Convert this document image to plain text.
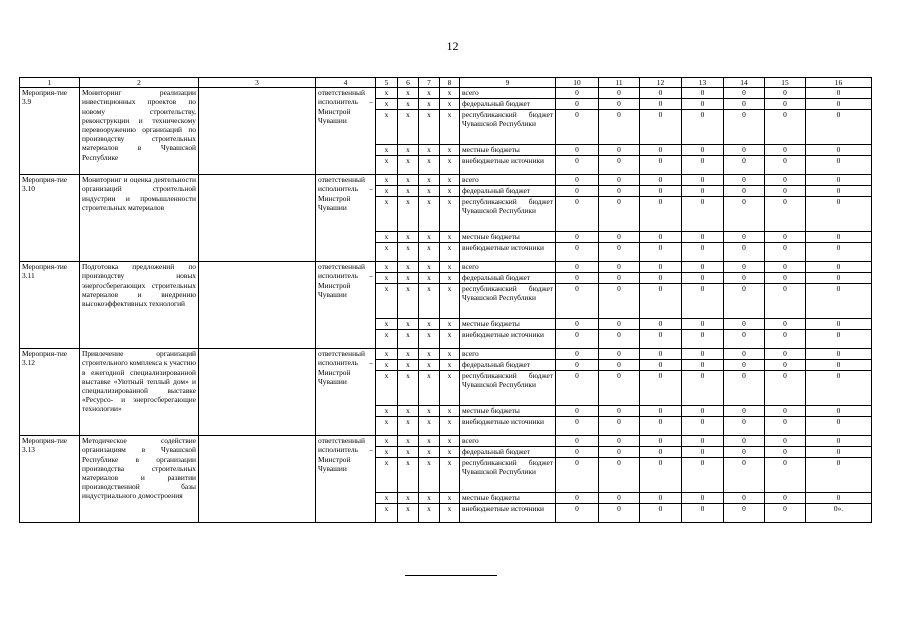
12
1	2	3	4	5	6	7	8	9	10	11	12	13	14	15	16
Мероприя-тие 3.9	Мониторинг реализации инвестиционных проектов по новому строительству, реконструкции и техническому перевооружению организаций по производству строительных материалов в Чувашской Республике		ответственный исполнитель – Минстрой Чувашии	х	х	х	х	всего	0	0	0	0	0	0	0
				х	х	х	х	федеральный бюджет	0	0	0	0	0	0	0
				х	х	х	х	республиканский бюджет Чувашской Республики	0	0	0	0	0	0	0
				х	х	х	х	местные бюджеты	0	0	0	0	0	0	0
				х	х	х	х	внебюджетные источники	0	0	0	0	0	0	0
Мероприя-тие 3.10	Мониторинг и оценка деятельности организаций строительной индустрии и промышленности строительных материалов		ответственный исполнитель – Минстрой Чувашии	х	х	х	х	всего	0	0	0	0	0	0	0
				х	х	х	х	федеральный бюджет	0	0	0	0	0	0	0
				х	х	х	х	республиканский бюджет Чувашской Республики	0	0	0	0	0	0	0
				х	х	х	х	местные бюджеты	0	0	0	0	0	0	0
				х	х	х	х	внебюджетные источники	0	0	0	0	0	0	0
Мероприя-тие 3.11	Подготовка предложений по производству новых энергосберегающих строительных материалов и внедрению высокоэффективных технологий		ответственный исполнитель – Минстрой Чувашии	х	х	х	х	всего	0	0	0	0	0	0	0
				х	х	х	х	федеральный бюджет	0	0	0	0	0	0	0
				х	х	х	х	республиканский бюджет Чувашской Республики	0	0	0	0	0	0	0
				х	х	х	х	местные бюджеты	0	0	0	0	0	0	0
				х	х	х	х	внебюджетные источники	0	0	0	0	0	0	0
Мероприя-тие 3.12	Привлечение организаций строительного комплекса к участию в ежегодной специализированной выставке «Уютный теплый дом» и специализированной выставке «Ресурсо- и энергосберегающие технологии»		ответственный исполнитель – Минстрой Чувашии	х	х	х	х	всего	0	0	0	0	0	0	0
				х	х	х	х	федеральный бюджет	0	0	0	0	0	0	0
				х	х	х	х	республиканский бюджет Чувашской Республики	0	0	0	0	0	0	0
				х	х	х	х	местные бюджеты	0	0	0	0	0	0	0
				х	х	х	х	внебюджетные источники	0	0	0	0	0	0	0
Мероприя-тие 3.13	Методическое содействие организациям в Чувашской Республике в организации производства строительных материалов и развитии производственной базы индустриального домостроения		ответственный исполнитель – Минстрой Чувашии	х	х	х	х	всего	0	0	0	0	0	0	0
				х	х	х	х	федеральный бюджет	0	0	0	0	0	0	0
				х	х	х	х	республиканский бюджет Чувашской Республики	0	0	0	0	0	0	0
				х	х	х	х	местные бюджеты	0	0	0	0	0	0	0
				х	х	х	х	внебюджетные источники	0	0	0	0	0	0	0».
